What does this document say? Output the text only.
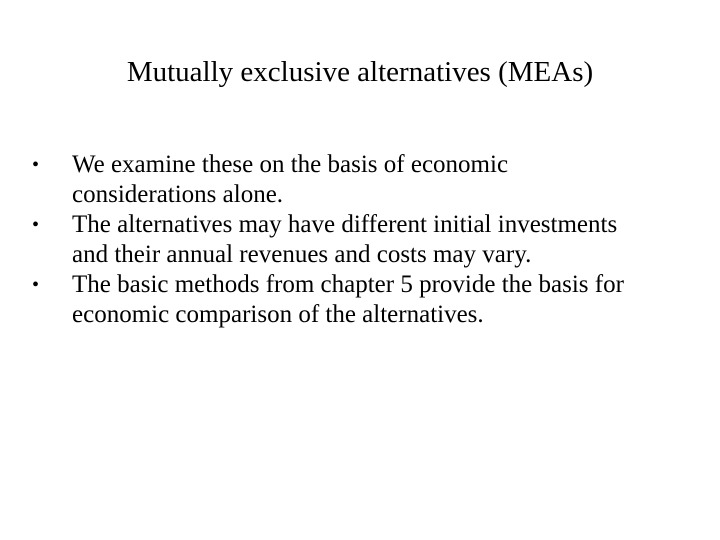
Mutually exclusive alternatives (MEAs)
• We examine these on the basis of economic
considerations alone.
• The alternatives may have different initial investments
and their annual revenues and costs may vary.
• The basic methods from chapter 5 provide the basis for
economic comparison of the alternatives.
